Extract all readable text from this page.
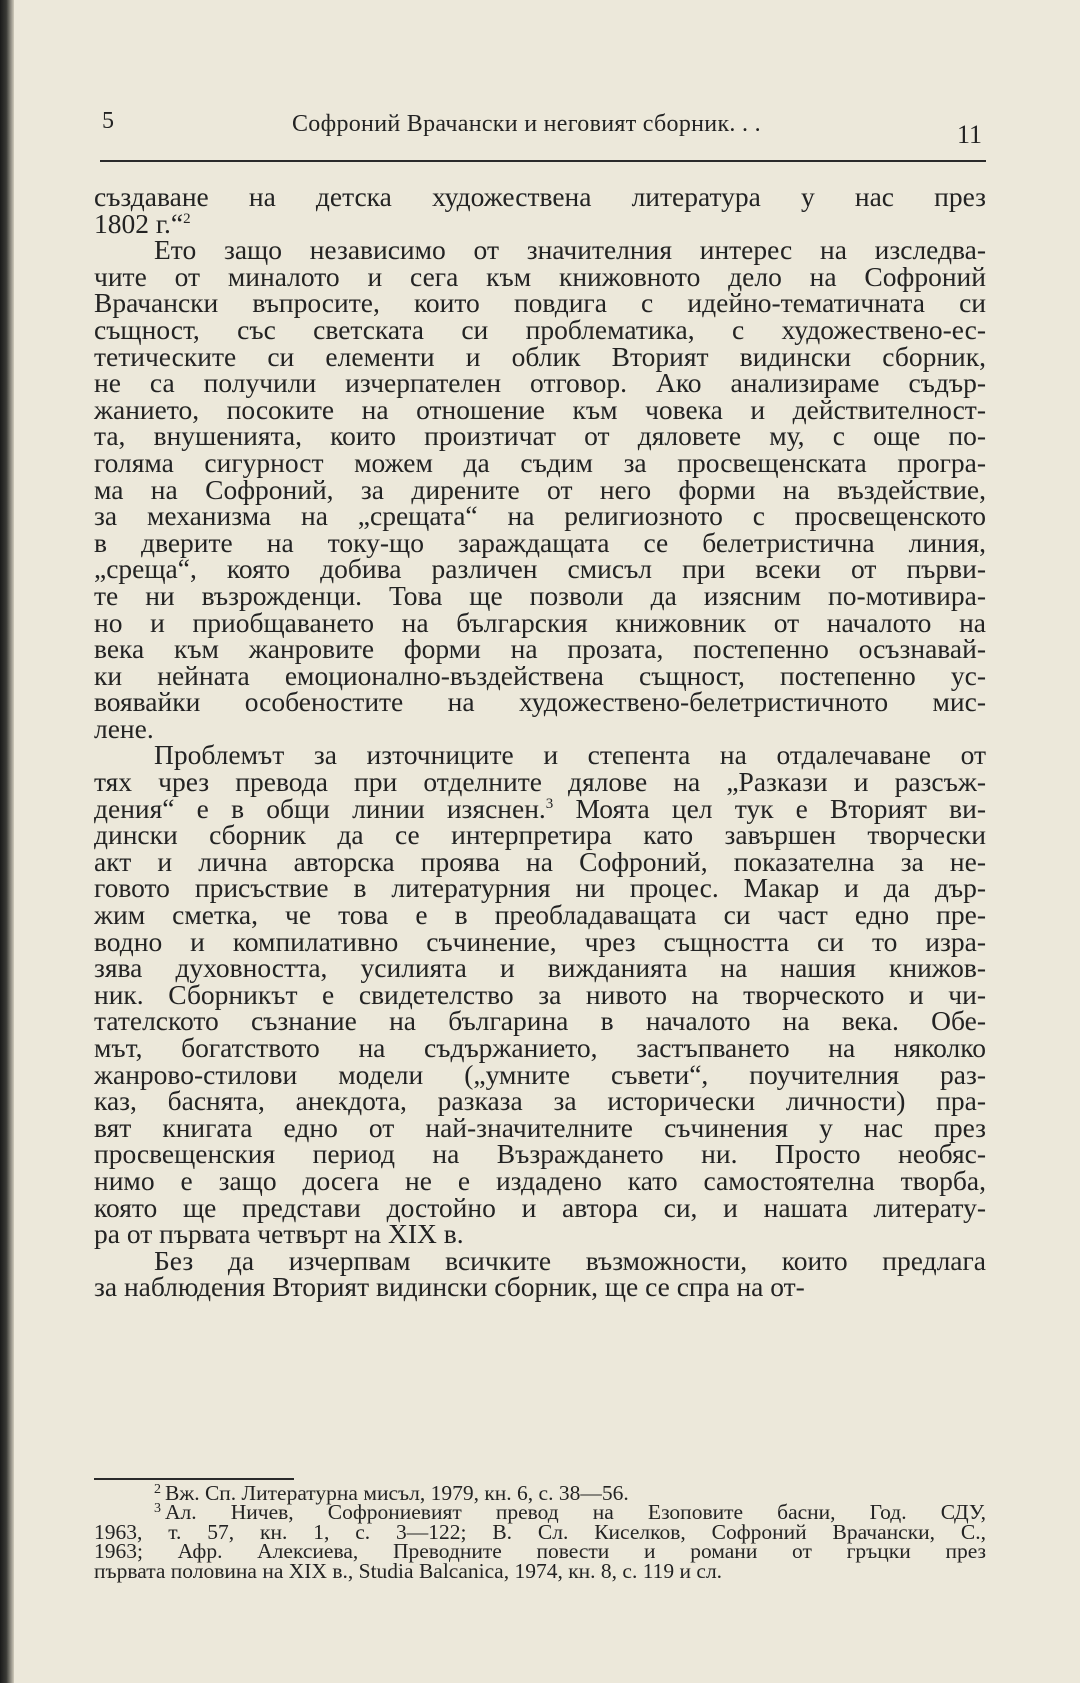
5	Софроний Врачански и неговият сборник. . .	11
създаване на детска художествена литература у нас през
1802 г.“$^2$
Ето защо независимо от значителния интерес на изследва-
чите от миналото и сега към книжовното дело на Софроний
Врачански въпросите, които повдига с идейно-тематичната си
същност, със светската си проблематика, с художествено-ес-
тетическите си елементи и облик Вторият видински сборник,
не са получили изчерпателен отговор. Ако анализираме съдър-
жанието, посоките на отношение към човека и действителност-
та, внушенията, които произтичат от дяловете му, с още по-
голяма сигурност можем да съдим за просвещенската програ-
ма на Софроний, за дирените от него форми на въздействие,
за механизма на „срещата“ на религиозното с просвещенското
в дверите на току-що зараждащата се белетристична линия,
„среща“, която добива различен смисъл при всеки от първи-
те ни възрожденци. Това ще позволи да изясним по-мотивира-
но и приобщаването на българския книжовник от началото на
века към жанровите форми на прозата, постепенно осъзнавай-
ки нейната емоционално-въздействена същност, постепенно ус-
воявайки особеностите на художествено-белетристичното мис-
лене.
Проблемът за източниците и степента на отдалечаване от
тях чрез превода при отделните дялове на „Разкази и разсъж-
дения“ е в общи линии изяснен.$^3$ Моята цел тук е Вторият ви-
дински сборник да се интерпретира като завършен творчески
акт и лична авторска проява на Софроний, показателна за не-
говото присъствие в литературния ни процес. Макар и да дър-
жим сметка, че това е в преобладаващата си част едно пре-
водно и компилативно съчинение, чрез същността си то изра-
зява духовността, усилията и вижданията на нашия книжов-
ник. Сборникът е свидетелство за нивото на творческото и чи-
тателското съзнание на българина в началото на века. Обе-
мът, богатството на съдържанието, застъпването на няколко
жанрово-стилови модели („умните съвети“, поучителния раз-
каз, баснята, анекдота, разказа за исторически личности) пра-
вят книгата едно от най-значителните съчинения у нас през
просвещенския период на Възраждането ни. Просто необяс-
нимо е защо досега не е издадено като самостоятелна творба,
която ще представи достойно и автора си, и нашата литерату-
ра от първата четвърт на XIX в.
Без да изчерпвам всичките възможности, които предлага
за наблюдения Вторият видински сборник, ще се спра на от-
$^2$ Вж. Сп. Литературна мисъл, 1979, кн. 6, с. 38—56.
$^3$ Ал. Ничев, Софрониевият превод на Езоповите басни, Год. СДУ,
1963, т. 57, кн. 1, с. 3—122; В. Сл. Киселков, Софроний Врачански, С.,
1963; Афр. Алексиева, Преводните повести и романи от гръцки през
първата половина на XIX в., Studia Balcanica, 1974, кн. 8, с. 119 и сл.
